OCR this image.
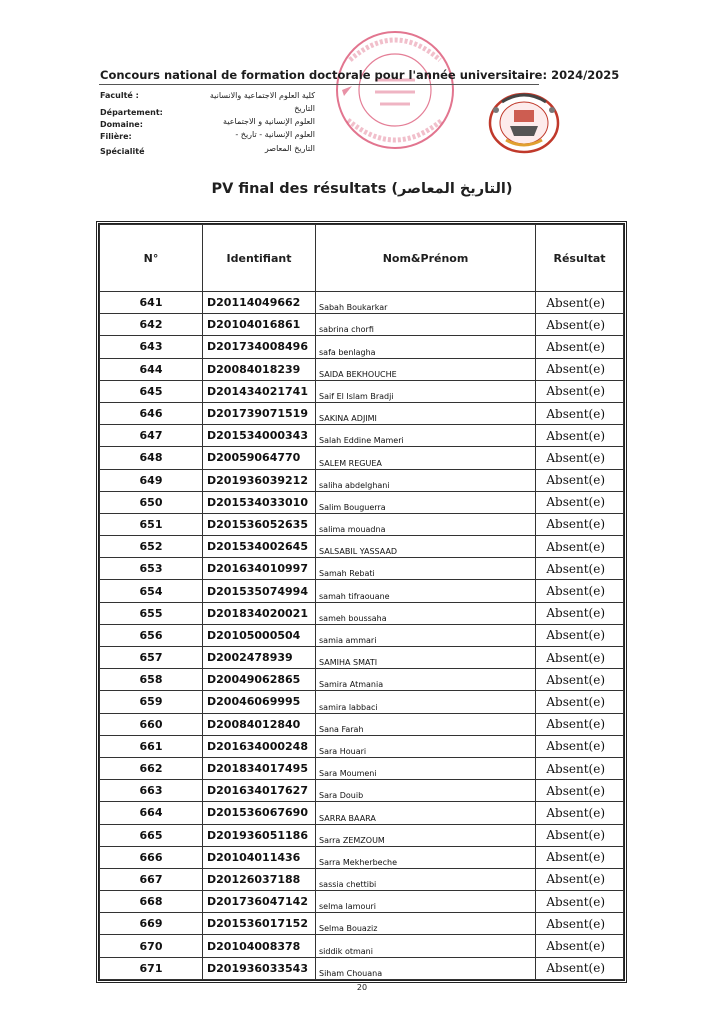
Concours national de formation doctorale pour l'année universitaire: 2024/2025
Faculté :	كلية العلوم الاجتماعية والانسانية
Département:	التاريخ
Domaine:	العلوم الإنسانية و الاجتماعية
Filière:	العلوم الإنسانية - تاريخ -
Spécialité	التاريخ المعاصر
PV final des résultats (التاريخ المعاصر)
N°	Identifiant	Nom&Prénom	Résultat
641	D20114049662	Sabah Boukarkar	Absent(e)
642	D20104016861	sabrina chorfi	Absent(e)
643	D201734008496	safa benlagha	Absent(e)
644	D20084018239	SAIDA BEKHOUCHE	Absent(e)
645	D201434021741	Saif El Islam Bradji	Absent(e)
646	D201739071519	SAKINA ADJIMI	Absent(e)
647	D201534000343	Salah Eddine Mameri	Absent(e)
648	D20059064770	SALEM REGUEA	Absent(e)
649	D201936039212	saliha abdelghani	Absent(e)
650	D201534033010	Salim Bouguerra	Absent(e)
651	D201536052635	salima mouadna	Absent(e)
652	D201534002645	SALSABIL YASSAAD	Absent(e)
653	D201634010997	Samah Rebati	Absent(e)
654	D201535074994	samah tifraouane	Absent(e)
655	D201834020021	sameh boussaha	Absent(e)
656	D20105000504	samia ammari	Absent(e)
657	D2002478939	SAMIHA SMATI	Absent(e)
658	D20049062865	Samira Atmania	Absent(e)
659	D20046069995	samira labbaci	Absent(e)
660	D20084012840	Sana Farah	Absent(e)
661	D201634000248	Sara Houari	Absent(e)
662	D201834017495	Sara Moumeni	Absent(e)
663	D201634017627	Sara Douib	Absent(e)
664	D201536067690	SARRA BAARA	Absent(e)
665	D201936051186	Sarra ZEMZOUM	Absent(e)
666	D20104011436	Sarra Mekherbeche	Absent(e)
667	D20126037188	sassia chettibi	Absent(e)
668	D201736047142	selma lamouri	Absent(e)
669	D201536017152	Selma Bouaziz	Absent(e)
670	D20104008378	siddik otmani	Absent(e)
671	D201936033543	Siham Chouana	Absent(e)
20
